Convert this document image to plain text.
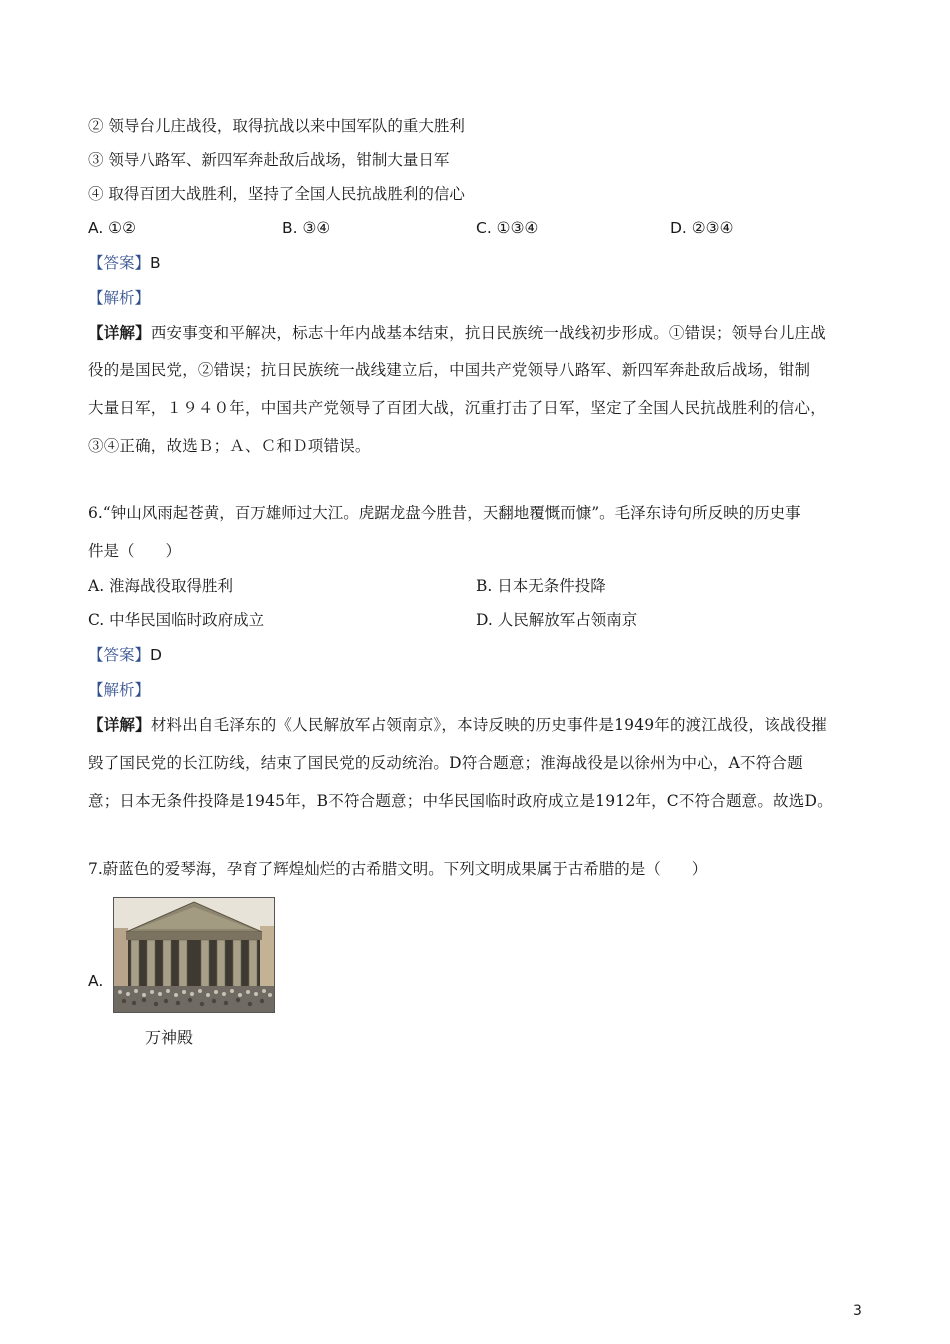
② 领导台儿庄战役，取得抗战以来中国军队的重大胜利
③ 领导八路军、新四军奔赴敌后战场，钳制大量日军
④ 取得百团大战胜利，坚持了全国人民抗战胜利的信心
A. ①②	B. ③④	C. ①③④	D. ②③④
【答案】B
【解析】
【详解】西安事变和平解决，标志十年内战基本结束，抗日民族统一战线初步形成。①错误；领导台儿庄战
役的是国民党，②错误；抗日民族统一战线建立后，中国共产党领导八路军、新四军奔赴敌后战场，钳制
大量日军，１９４０年，中国共产党领导了百团大战，沉重打击了日军，坚定了全国人民抗战胜利的信心，
③④正确，故选Ｂ；Ａ、Ｃ和Ｄ项错误。
6.“钟山风雨起苍黄，百万雄师过大江。虎踞龙盘今胜昔，天翻地覆慨而慷”。毛泽东诗句所反映的历史事
件是（　　）
A. 淮海战役取得胜利	B. 日本无条件投降
C. 中华民国临时政府成立	D. 人民解放军占领南京
【答案】D
【解析】
【详解】材料出自毛泽东的《人民解放军占领南京》，本诗反映的历史事件是1949年的渡江战役，该战役摧
毁了国民党的长江防线，结束了国民党的反动统治。D符合题意；淮海战役是以徐州为中心，A不符合题
意；日本无条件投降是1945年，B不符合题意；中华民国临时政府成立是1912年，C不符合题意。故选D。
7.蔚蓝色的爱琴海，孕育了辉煌灿烂的古希腊文明。下列文明成果属于古希腊的是（　　）
A.
万神殿
3
